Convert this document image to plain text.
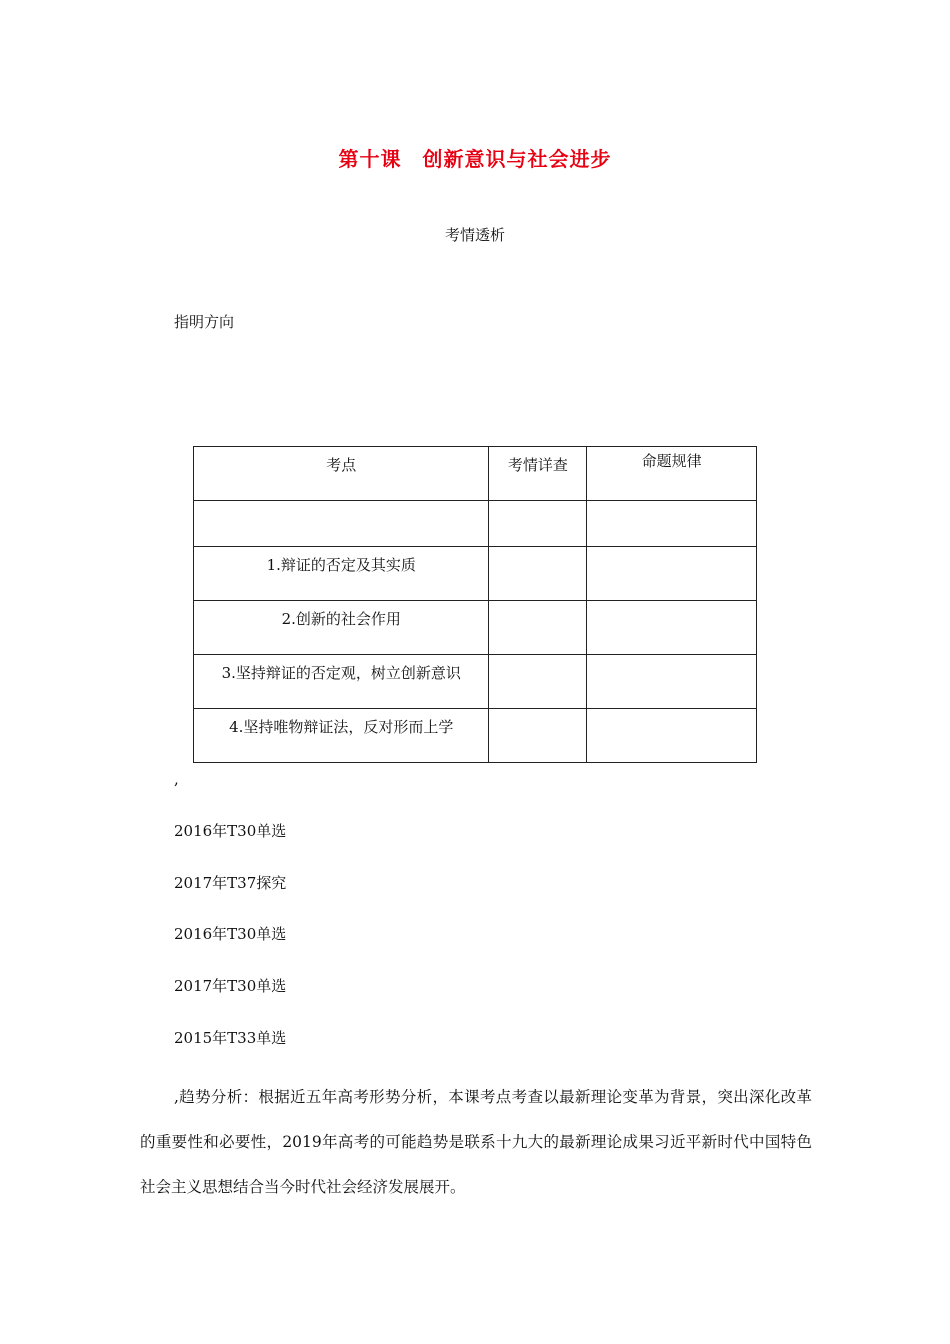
第十课　创新意识与社会进步
考情透析
指明方向
考点	考情详查	命题规律

1.辩证的否定及其实质		
2.创新的社会作用		
3.坚持辩证的否定观，树立创新意识		
4.坚持唯物辩证法，反对形而上学		
,
2016年T30单选
2017年T37探究
2016年T30单选
2017年T30单选
2015年T33单选
,趋势分析：根据近五年高考形势分析，本课考点考查以最新理论变革为背景，突出深化改革的重要性和必要性，2019年高考的可能趋势是联系十九大的最新理论成果习近平新时代中国特色社会主义思想结合当今时代社会经济发展展开。
